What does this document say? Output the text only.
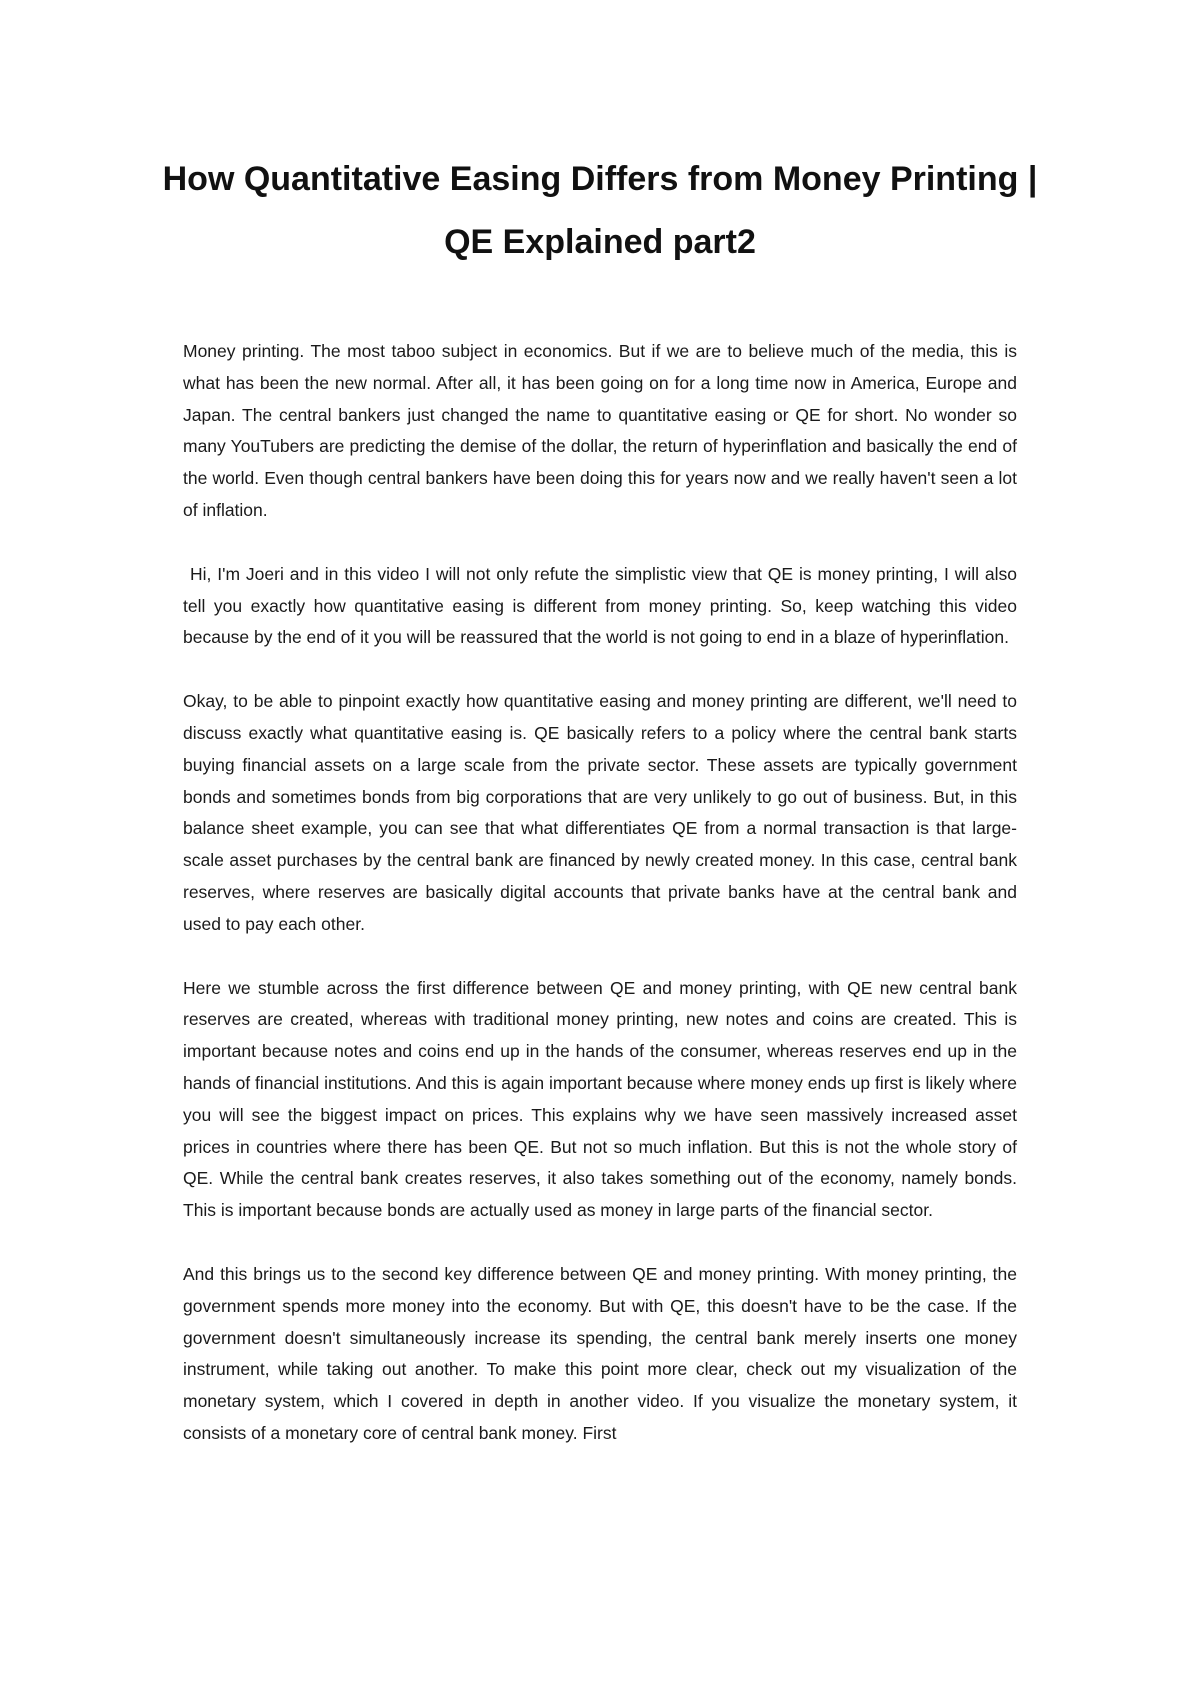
How Quantitative Easing Differs from Money Printing | QE Explained part2

Money printing. The most taboo subject in economics. But if we are to believe much of the media, this is what has been the new normal. After all, it has been going on for a long time now in America, Europe and Japan. The central bankers just changed the name to quantitative easing or QE for short. No wonder so many YouTubers are predicting the demise of the dollar, the return of hyperinflation and basically the end of the world. Even though central bankers have been doing this for years now and we really haven't seen a lot of inflation.

Hi, I'm Joeri and in this video I will not only refute the simplistic view that QE is money printing, I will also tell you exactly how quantitative easing is different from money printing. So, keep watching this video because by the end of it you will be reassured that the world is not going to end in a blaze of hyperinflation.

Okay, to be able to pinpoint exactly how quantitative easing and money printing are different, we'll need to discuss exactly what quantitative easing is. QE basically refers to a policy where the central bank starts buying financial assets on a large scale from the private sector. These assets are typically government bonds and sometimes bonds from big corporations that are very unlikely to go out of business. But, in this balance sheet example, you can see that what differentiates QE from a normal transaction is that large-scale asset purchases by the central bank are financed by newly created money. In this case, central bank reserves, where reserves are basically digital accounts that private banks have at the central bank and used to pay each other.

Here we stumble across the first difference between QE and money printing, with QE new central bank reserves are created, whereas with traditional money printing, new notes and coins are created. This is important because notes and coins end up in the hands of the consumer, whereas reserves end up in the hands of financial institutions. And this is again important because where money ends up first is likely where you will see the biggest impact on prices. This explains why we have seen massively increased asset prices in countries where there has been QE. But not so much inflation. But this is not the whole story of QE. While the central bank creates reserves, it also takes something out of the economy, namely bonds. This is important because bonds are actually used as money in large parts of the financial sector.

And this brings us to the second key difference between QE and money printing. With money printing, the government spends more money into the economy. But with QE, this doesn't have to be the case. If the government doesn't simultaneously increase its spending, the central bank merely inserts one money instrument, while taking out another. To make this point more clear, check out my visualization of the monetary system, which I covered in depth in another video. If you visualize the monetary system, it consists of a monetary core of central bank money. First
